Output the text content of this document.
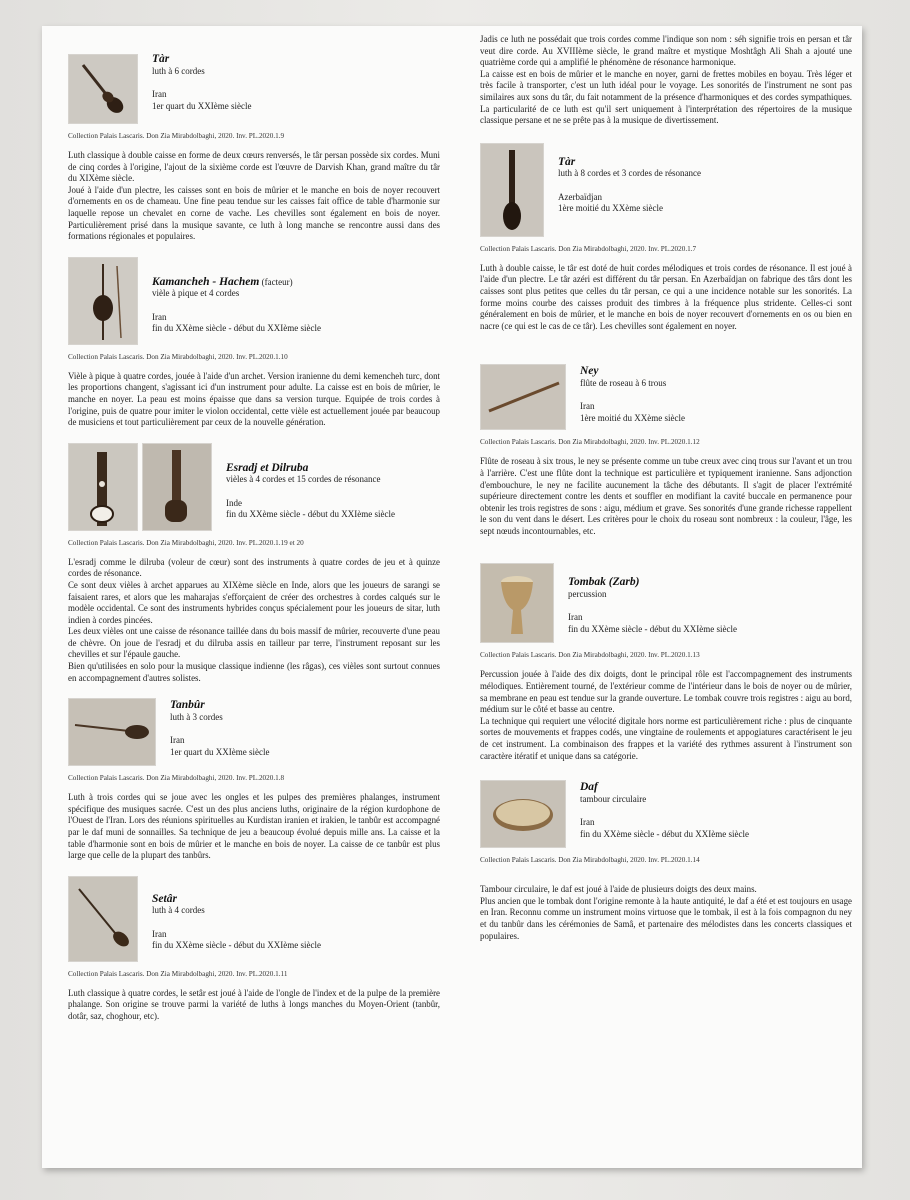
Tàr
luth à 6 cordes
Iran
1er quart du XXIème siècle
Collection Palais Lascaris. Don Zia Mirabdolbaghi, 2020. Inv. PL.2020.1.9

Luth classique à double caisse en forme de deux cœurs renversés, le târ persan possède six cordes. Muni de cinq cordes à l'origine, l'ajout de la sixième corde est l'œuvre de Darvish Khan, grand maître du târ du XIXème siècle.

Joué à l'aide d'un plectre, les caisses sont en bois de mûrier et le manche en bois de noyer recouvert d'ornements en os de chameau. Une fine peau tendue sur les caisses fait office de table d'harmonie sur laquelle repose un chevalet en corne de vache. Les chevilles sont également en bois de noyer. Particulièrement prisé dans la musique savante, ce luth à long manche se rencontre aussi dans des formations régionales et populaires.

Kamancheh - Hachem (facteur)
vièle à pique et 4 cordes
Iran
fin du XXème siècle - début du XXIème siècle
Collection Palais Lascaris. Don Zia Mirabdolbaghi, 2020. Inv. PL.2020.1.10

Vièle à pique à quatre cordes, jouée à l'aide d'un archet. Version iranienne du demi kemencheh turc, dont les proportions changent, s'agissant ici d'un instrument pour adulte. La caisse est en bois de mûrier, le manche en noyer. La peau est moins épaisse que dans sa version turque. Equipée de trois cordes à l'origine, puis de quatre pour imiter le violon occidental, cette vièle est actuellement jouée par beaucoup de musiciens et tout particulièrement par ceux de la nouvelle génération.

Esradj et Dilruba
vièles à 4 cordes et 15 cordes de résonance
Inde
fin du XXème siècle - début du XXIème siècle
Collection Palais Lascaris. Don Zia Mirabdolbaghi, 2020. Inv. PL.2020.1.19 et 20

L'esradj comme le dilruba (voleur de cœur) sont des instruments à quatre cordes de jeu et à quinze cordes de résonance.

Ce sont deux vièles à archet apparues au XIXème siècle en Inde, alors que les joueurs de sarangi se faisaient rares, et alors que les maharajas s'efforçaient de créer des orchestres à cordes calqués sur le modèle occidental. Ce sont des instruments hybrides conçus spécialement pour les joueurs de sitar, luth indien à cordes pincées.

Les deux vièles ont une caisse de résonance taillée dans du bois massif de mûrier, recouverte d'une peau de chèvre. On joue de l'esradj et du dilruba assis en tailleur par terre, l'instrument reposant sur les chevilles et sur l'épaule gauche.

Bien qu'utilisées en solo pour la musique classique indienne (les râgas), ces vièles sont surtout connues en accompagnement d'autres solistes.

Tanbûr
luth à 3 cordes
Iran
1er quart du XXIème siècle
Collection Palais Lascaris. Don Zia Mirabdolbaghi, 2020. Inv. PL.2020.1.8

Luth à trois cordes qui se joue avec les ongles et les pulpes des premières phalanges, instrument spécifique des musiques sacrée. C'est un des plus anciens luths, originaire de la région kurdophone de l'Ouest de l'Iran. Lors des réunions spirituelles au Kurdistan iranien et irakien, le tanbûr est accompagné par le daf muni de sonnailles. Sa technique de jeu a beaucoup évolué depuis mille ans. La caisse et la table d'harmonie sont en bois de mûrier et le manche en bois de noyer. La caisse de ce tanbûr est plus large que celle de la plupart des tanbûrs.

Setâr
luth à 4 cordes
Iran
fin du XXème siècle - début du XXIème siècle
Collection Palais Lascaris. Don Zia Mirabdolbaghi, 2020. Inv. PL.2020.1.11

Luth classique à quatre cordes, le setâr est joué à l'aide de l'ongle de l'index et de la pulpe de la première phalange. Son origine se trouve parmi la variété de luths à longs manches du Moyen-Orient (tanbûr, dotâr, saz, choghour, etc).

Jadis ce luth ne possédait que trois cordes comme l'indique son nom : séh signifie trois en persan et târ veut dire corde. Au XVIIIème siècle, le grand maître et mystique Moshtâgh Ali Shah a ajouté une quatrième corde qui a amplifié le phénomène de résonance harmonique.

La caisse est en bois de mûrier et le manche en noyer, garni de frettes mobiles en boyau. Très léger et très facile à transporter, c'est un luth idéal pour le voyage. Les sonorités de l'instrument ne sont pas similaires aux sons du târ, du fait notamment de la présence d'harmoniques et des cordes sympathiques. La particularité de ce luth est qu'il sert uniquement à l'interprétation des répertoires de la musique classique persane et ne se prête pas à la musique de divertissement.

Tàr
luth à 8 cordes et 3 cordes de résonance
Azerbaïdjan
1ère moitié du XXème siècle
Collection Palais Lascaris. Don Zia Mirabdolbaghi, 2020. Inv. PL.2020.1.7

Luth à double caisse, le târ est doté de huit cordes mélodiques et trois cordes de résonance. Il est joué à l'aide d'un plectre. Le târ azéri est différent du târ persan. En Azerbaïdjan on fabrique des târs dont les caisses sont plus petites que celles du târ persan, ce qui a une incidence notable sur les sonorités. La forme moins courbe des caisses produit des timbres à la fréquence plus stridente. Celles-ci sont généralement en bois de mûrier, et le manche en bois de noyer recouvert d'ornements en os ou bien en nacre (ce qui est le cas de ce târ). Les chevilles sont également en noyer.

Ney
flûte de roseau à 6 trous
Iran
1ère moitié du XXème siècle
Collection Palais Lascaris. Don Zia Mirabdolbaghi, 2020. Inv. PL.2020.1.12

Flûte de roseau à six trous, le ney se présente comme un tube creux avec cinq trous sur l'avant et un trou à l'arrière. C'est une flûte dont la technique est particulière et typiquement iranienne. Sans adjonction d'embouchure, le ney ne facilite aucunement la tâche des débutants. Il s'agit de placer l'extrémité supérieure directement contre les dents et souffler en modifiant la cavité buccale en permanence pour obtenir les trois registres de sons : aigu, médium et grave. Ses sonorités d'une grande richesse rappellent le son du vent dans le désert. Les critères pour le choix du roseau sont nombreux : la couleur, l'âge, les sept nœuds incontournables, etc.

Tombak (Zarb)
percussion
Iran
fin du XXème siècle - début du XXIème siècle
Collection Palais Lascaris. Don Zia Mirabdolbaghi, 2020. Inv. PL.2020.1.13

Percussion jouée à l'aide des dix doigts, dont le principal rôle est l'accompagnement des instruments mélodiques. Entièrement tourné, de l'extérieur comme de l'intérieur dans le bois de noyer ou de mûrier, sa membrane en peau est tendue sur la grande ouverture. Le tombak couvre trois registres : aigu au bord, médium sur le côté et basse au centre.

La technique qui requiert une vélocité digitale hors norme est particulièrement riche : plus de cinquante sortes de mouvements et frappes codés, une vingtaine de roulements et appogiatures caractérisent le jeu de cet instrument. La combinaison des frappes et la variété des rythmes assurent à l'instrument son caractère itératif et unique dans sa catégorie.

Daf
tambour circulaire
Iran
fin du XXème siècle - début du XXIème siècle
Collection Palais Lascaris. Don Zia Mirabdolbaghi, 2020. Inv. PL.2020.1.14

Tambour circulaire, le daf est joué à l'aide de plusieurs doigts des deux mains.

Plus ancien que le tombak dont l'origine remonte à la haute antiquité, le daf a été et est toujours en usage en Iran. Reconnu comme un instrument moins virtuose que le tombak, il est à la fois compagnon du ney et du tanbûr dans les cérémonies de Samâ, et partenaire des mélodistes dans les concerts classiques et populaires.
